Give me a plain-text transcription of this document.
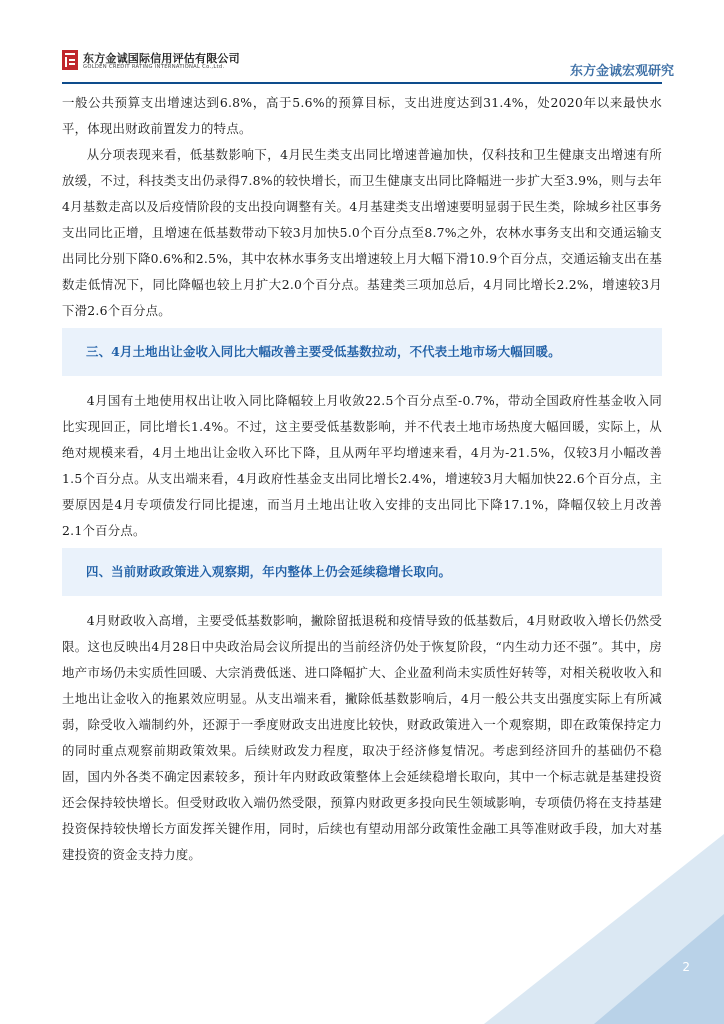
东方金诚国际信用评估有限公司
GOLDEN CREDIT RATING INTERNATIONAL Co.,Ltd.	东方金诚宏观研究

一般公共预算支出增速达到6.8%，高于5.6%的预算目标，支出进度达到31.4%，处2020年以来最快水平，体现出财政前置发力的特点。

从分项表现来看，低基数影响下，4月民生类支出同比增速普遍加快，仅科技和卫生健康支出增速有所放缓，不过，科技类支出仍录得7.8%的较快增长，而卫生健康支出同比降幅进一步扩大至3.9%，则与去年4月基数走高以及后疫情阶段的支出投向调整有关。4月基建类支出增速要明显弱于民生类，除城乡社区事务支出同比正增，且增速在低基数带动下较3月加快5.0个百分点至8.7%之外，农林水事务支出和交通运输支出同比分别下降0.6%和2.5%，其中农林水事务支出增速较上月大幅下滑10.9个百分点，交通运输支出在基数走低情况下，同比降幅也较上月扩大2.0个百分点。基建类三项加总后，4月同比增长2.2%，增速较3月下滑2.6个百分点。

三、4月土地出让金收入同比大幅改善主要受低基数拉动，不代表土地市场大幅回暖。

4月国有土地使用权出让收入同比降幅较上月收敛22.5个百分点至-0.7%，带动全国政府性基金收入同比实现回正，同比增长1.4%。不过，这主要受低基数影响，并不代表土地市场热度大幅回暖，实际上，从绝对规模来看，4月土地出让金收入环比下降，且从两年平均增速来看，4月为-21.5%，仅较3月小幅改善1.5个百分点。从支出端来看，4月政府性基金支出同比增长2.4%，增速较3月大幅加快22.6个百分点，主要原因是4月专项债发行同比提速，而当月土地出让收入安排的支出同比下降17.1%，降幅仅较上月改善2.1个百分点。

四、当前财政政策进入观察期，年内整体上仍会延续稳增长取向。

4月财政收入高增，主要受低基数影响，撇除留抵退税和疫情导致的低基数后，4月财政收入增长仍然受限。这也反映出4月28日中央政治局会议所提出的当前经济仍处于恢复阶段，“内生动力还不强”。其中，房地产市场仍未实质性回暖、大宗消费低迷、进口降幅扩大、企业盈利尚未实质性好转等，对相关税收收入和土地出让金收入的拖累效应明显。从支出端来看，撇除低基数影响后，4月一般公共支出强度实际上有所减弱，除受收入端制约外，还源于一季度财政支出进度比较快，财政政策进入一个观察期，即在政策保持定力的同时重点观察前期政策效果。后续财政发力程度，取决于经济修复情况。考虑到经济回升的基础仍不稳固，国内外各类不确定因素较多，预计年内财政政策整体上会延续稳增长取向，其中一个标志就是基建投资还会保持较快增长。但受财政收入端仍然受限，预算内财政更多投向民生领域影响，专项债仍将在支持基建投资保持较快增长方面发挥关键作用，同时，后续也有望动用部分政策性金融工具等准财政手段，加大对基建投资的资金支持力度。

2
